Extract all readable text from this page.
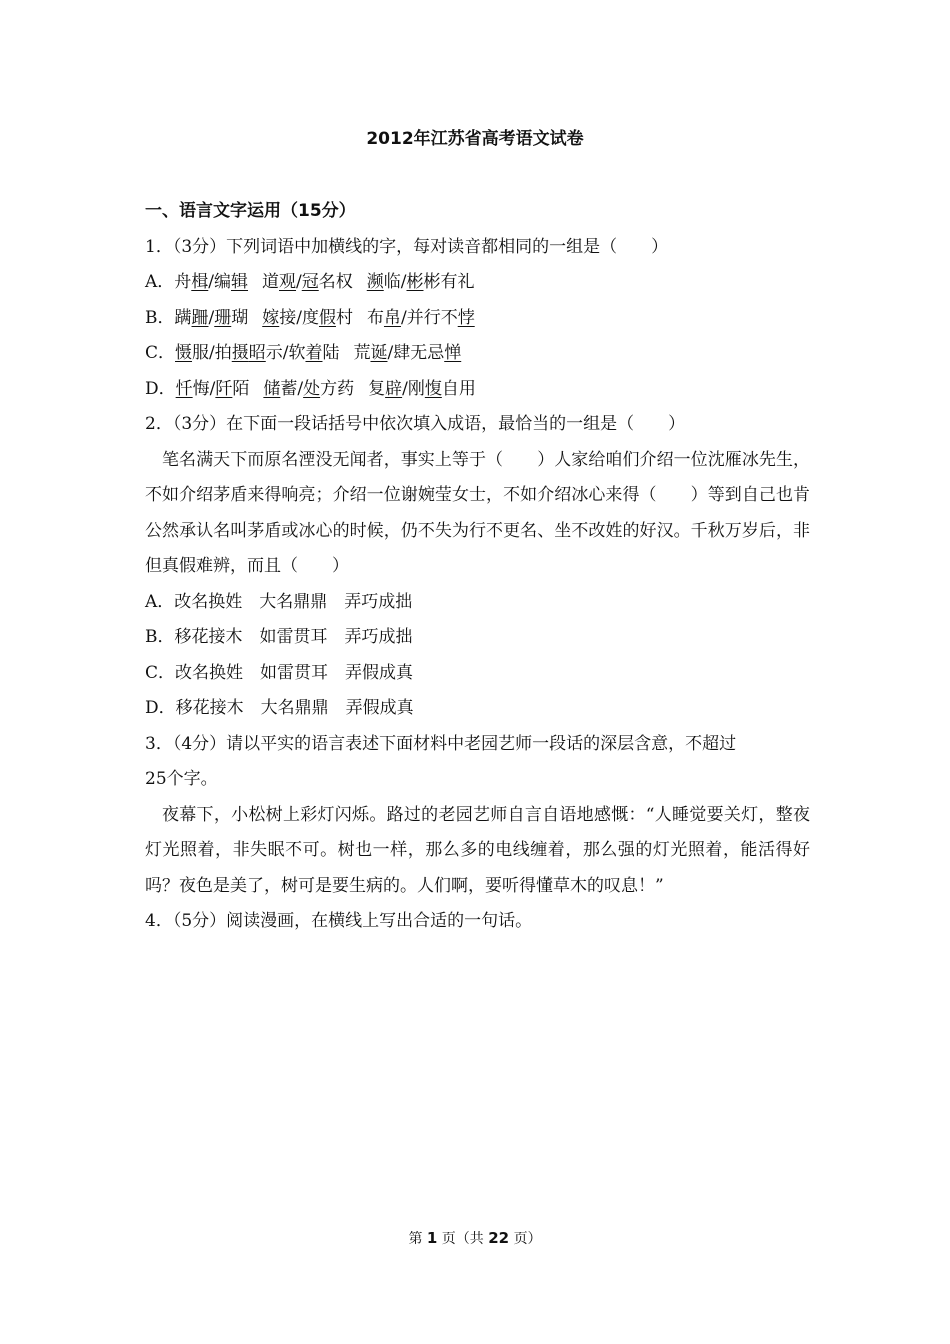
2012年江苏省高考语文试卷
一、语言文字运用（15分）
1．（3分）下列词语中加横线的字，每对读音都相同的一组是（　　）
A．舟楫/编辑 道观/冠名权 濒临/彬彬有礼
B．蹒跚/珊瑚 嫁接/度假村 布帛/并行不悖
C．慑服/拍摄昭示/软着陆 荒诞/肆无忌惮
D．忏悔/阡陌 储蓄/处方药 复辟/刚愎自用
2．（3分）在下面一段话括号中依次填入成语，最恰当的一组是（　　）
笔名满天下而原名湮没无闻者，事实上等于（　　）人家给咱们介绍一位沈雁冰先生，不如介绍茅盾来得响亮；介绍一位谢婉莹女士，不如介绍冰心来得（　　）等到自己也肯公然承认名叫茅盾或冰心的时候，仍不失为行不更名、坐不改姓的好汉。千秋万岁后，非但真假难辨，而且（　　）
A．改名换姓　大名鼎鼎　弄巧成拙
B．移花接木　如雷贯耳　弄巧成拙
C．改名换姓　如雷贯耳　弄假成真
D．移花接木　大名鼎鼎　弄假成真
3．（4分）请以平实的语言表述下面材料中老园艺师一段话的深层含意，不超过
25个字。
夜幕下，小松树上彩灯闪烁。路过的老园艺师自言自语地感慨：“人睡觉要关灯，整夜灯光照着，非失眠不可。树也一样，那么多的电线缠着，那么强的灯光照着，能活得好吗？夜色是美了，树可是要生病的。人们啊，要听得懂草木的叹息！”
4．（5分）阅读漫画，在横线上写出合适的一句话。
第 1 页（共 22 页）
